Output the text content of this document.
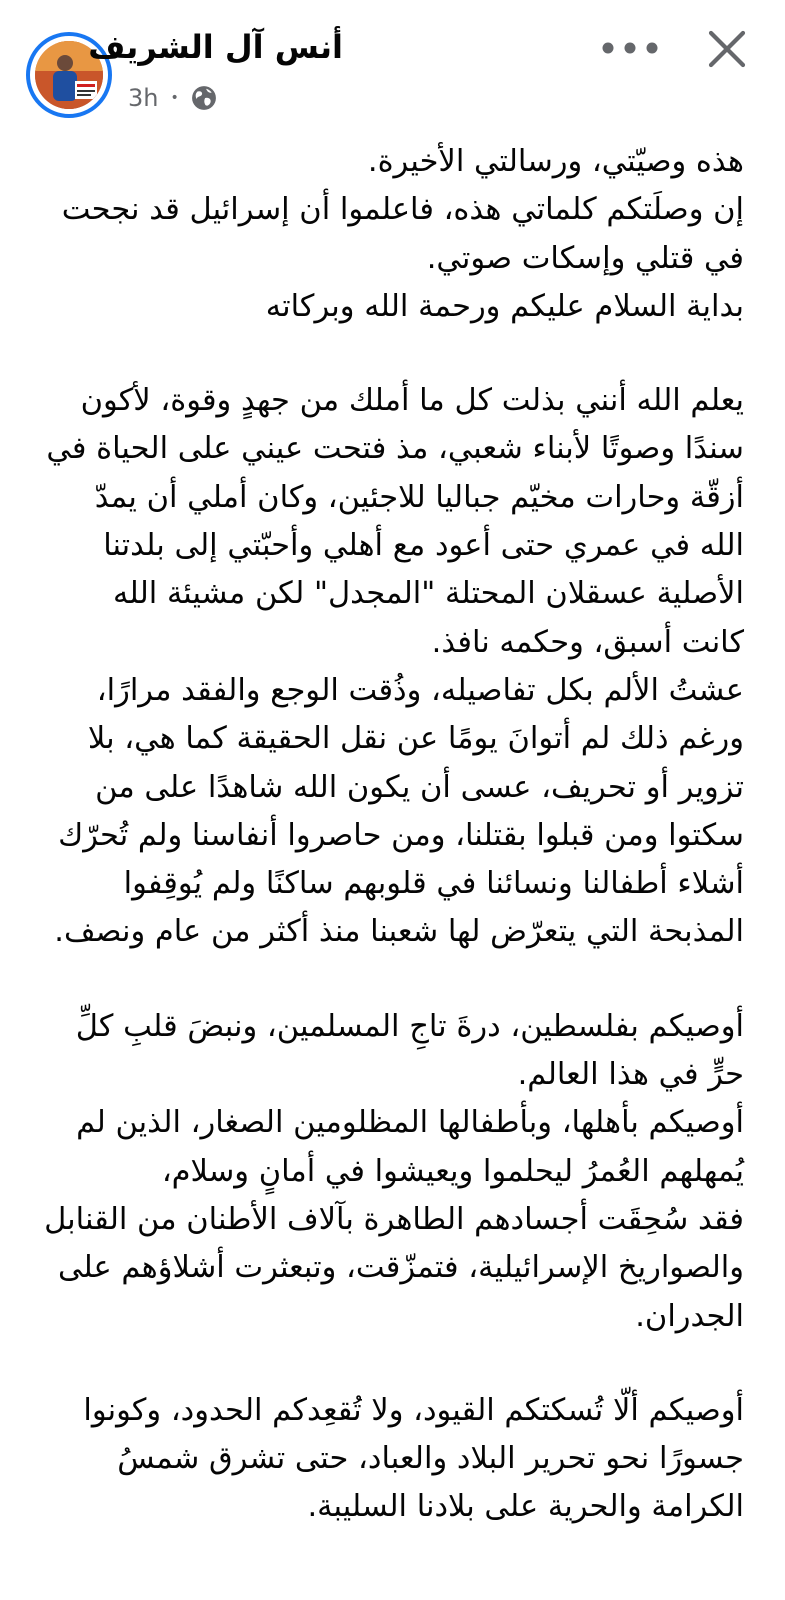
أنس آل الشريف
3h •

هذه وصيّتي، ورسالتي الأخيرة.
إن وصلَتكم كلماتي هذه، فاعلموا أن إسرائيل قد نجحت
في قتلي وإسكات صوتي.
بداية السلام عليكم ورحمة الله وبركاته

يعلم الله أنني بذلت كل ما أملك من جهدٍ وقوة، لأكون
سندًا وصوتًا لأبناء شعبي، مذ فتحت عيني على الحياة في
أزقّة وحارات مخيّم جباليا للاجئين، وكان أملي أن يمدّ
الله في عمري حتى أعود مع أهلي وأحبّتي إلى بلدتنا
الأصلية عسقلان المحتلة "المجدل" لكن مشيئة الله
كانت أسبق، وحكمه نافذ.
عشتُ الألم بكل تفاصيله، وذُقت الوجع والفقد مرارًا،
ورغم ذلك لم أتوانَ يومًا عن نقل الحقيقة كما هي، بلا
تزوير أو تحريف، عسى أن يكون الله شاهدًا على من
سكتوا ومن قبلوا بقتلنا، ومن حاصروا أنفاسنا ولم تُحرّك
أشلاء أطفالنا ونسائنا في قلوبهم ساكنًا ولم يُوقِفوا
المذبحة التي يتعرّض لها شعبنا منذ أكثر من عام ونصف.

أوصيكم بفلسطين، درةَ تاجِ المسلمين، ونبضَ قلبِ كلِّ
حرٍّ في هذا العالم.
أوصيكم بأهلها، وبأطفالها المظلومين الصغار، الذين لم
يُمهلهم العُمرُ ليحلموا ويعيشوا في أمانٍ وسلام،
فقد سُحِقَت أجسادهم الطاهرة بآلاف الأطنان من القنابل
والصواريخ الإسرائيلية، فتمزّقت، وتبعثرت أشلاؤهم على
الجدران.

أوصيكم ألّا تُسكتكم القيود، ولا تُقعِدكم الحدود، وكونوا
جسورًا نحو تحرير البلاد والعباد، حتى تشرق شمسُ
الكرامة والحرية على بلادنا السليبة.
